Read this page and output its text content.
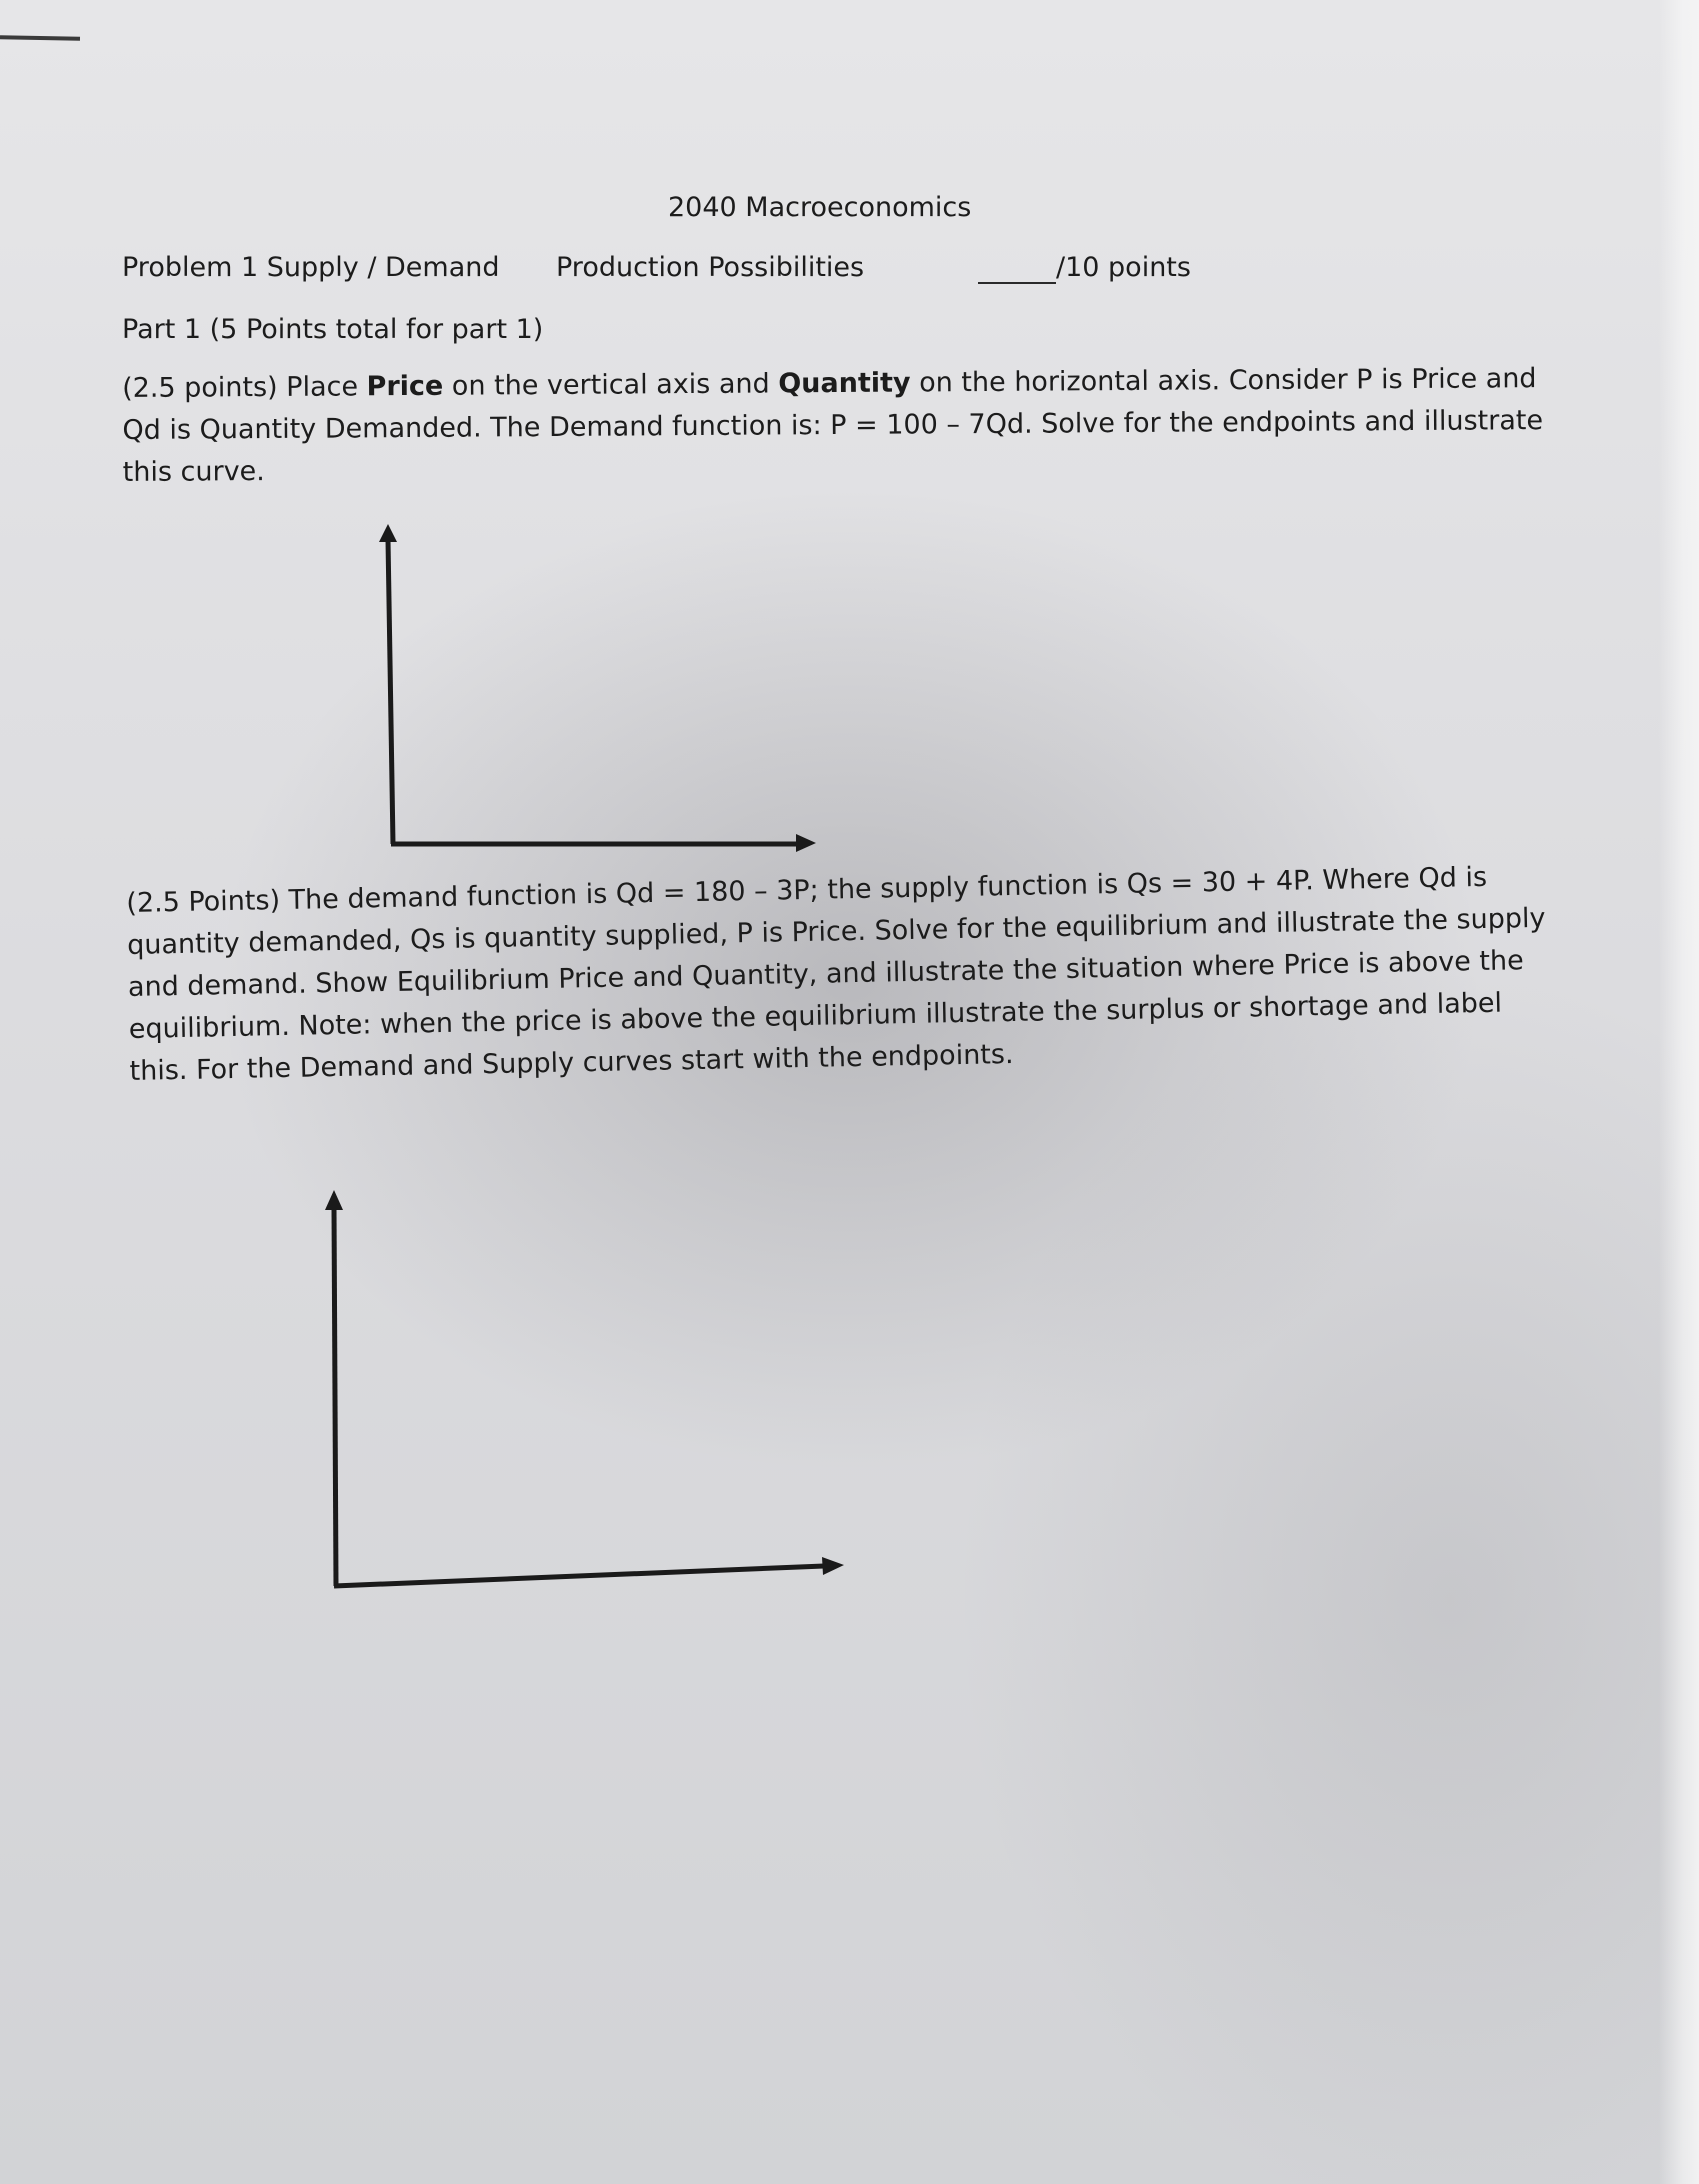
2040 Macroeconomics
Problem 1 Supply / Demand Production Possibilities	/10 points
Part 1 (5 Points total for part 1)
(2.5 points) Place Price on the vertical axis and Quantity on the horizontal axis. Consider P is Price and
Qd is Quantity Demanded. The Demand function is: P = 100 – 7Qd. Solve for the endpoints and illustrate
this curve.
(2.5 Points) The demand function is Qd = 180 – 3P; the supply function is Qs = 30 + 4P. Where Qd is
quantity demanded, Qs is quantity supplied, P is Price. Solve for the equilibrium and illustrate the supply
and demand. Show Equilibrium Price and Quantity, and illustrate the situation where Price is above the
equilibrium. Note: when the price is above the equilibrium illustrate the surplus or shortage and label
this. For the Demand and Supply curves start with the endpoints.
